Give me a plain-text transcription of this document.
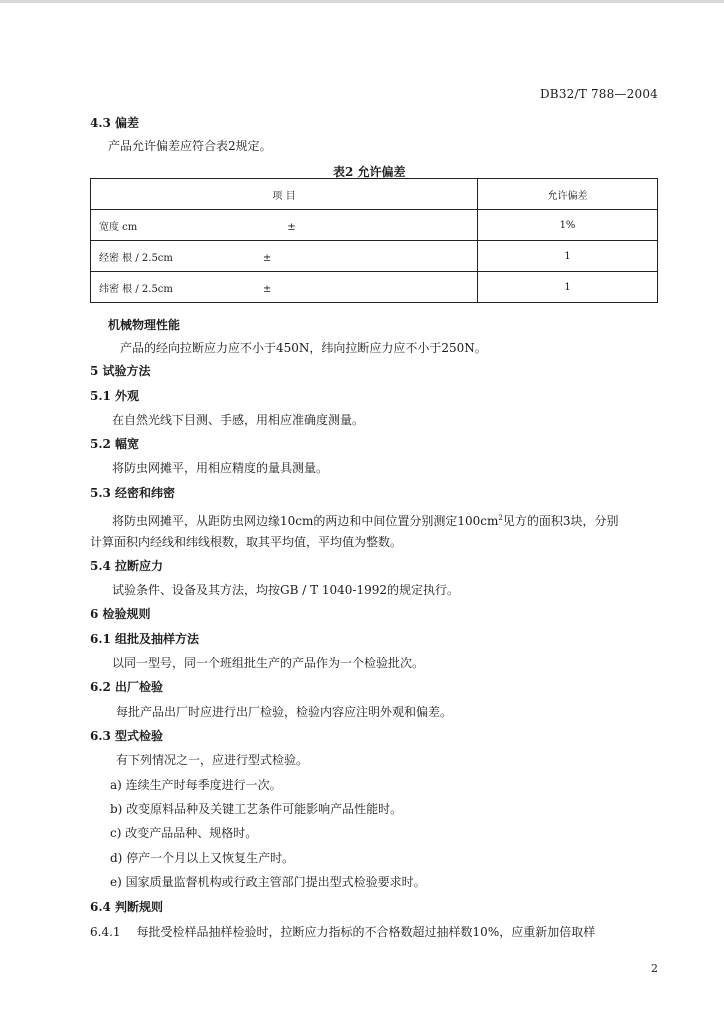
DB32/T 788—2004
4.3 偏差
产品允许偏差应符合表2规定。
表2 允许偏差
项 目	允许偏差
宽度 cm ±	1%
经密 根 / 2.5cm ±	1
纬密 根 / 2.5cm ±	1
机械物理性能
产品的经向拉断应力应不小于450N，纬向拉断应力应不小于250N。
5 试验方法
5.1 外观
在自然光线下目测、手感，用相应准确度测量。
5.2 幅宽
将防虫网摊平，用相应精度的量具测量。
5.3 经密和纬密
将防虫网摊平，从距防虫网边缘10cm的两边和中间位置分别测定$100cm^2$见方的面积3块，分别
计算面积内经线和纬线根数，取其平均值，平均值为整数。
5.4 拉断应力
试验条件、设备及其方法，均按GB / T 1040-1992的规定执行。
6 检验规则
6.1 组批及抽样方法
以同一型号，同一个班组批生产的产品作为一个检验批次。
6.2 出厂检验
每批产品出厂时应进行出厂检验，检验内容应注明外观和偏差。
6.3 型式检验
有下列情况之一，应进行型式检验。
a) 连续生产时每季度进行一次。
b) 改变原料品种及关键工艺条件可能影响产品性能时。
c) 改变产品品种、规格时。
d) 停产一个月以上又恢复生产时。
e) 国家质量监督机构或行政主管部门提出型式检验要求时。
6.4 判断规则
6.4.1 每批受检样品抽样检验时，拉断应力指标的不合格数超过抽样数10%，应重新加倍取样
2
